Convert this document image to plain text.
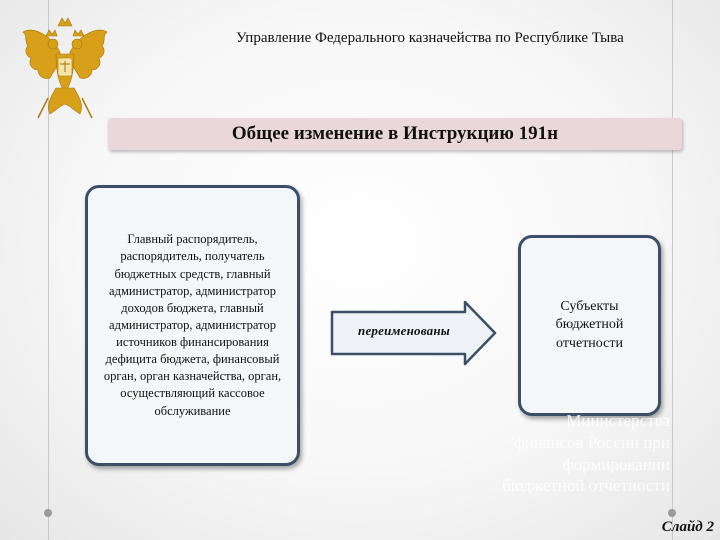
Управление Федерального казначейства по Республике Тыва
Общее изменение в Инструкцию 191н
Главный распорядитель, распорядитель, получатель бюджетных средств, главный администратор, администратор доходов бюджета, главный администратор, администратор источников финансирования дефицита бюджета, финансовый орган, орган казначейства, орган, осуществляющий кассовое обслуживание
переименованы
Субъекты бюджетной отчетности
Министерства
финансов России при
формировании
бюджетной отчетности
Слайд 2
